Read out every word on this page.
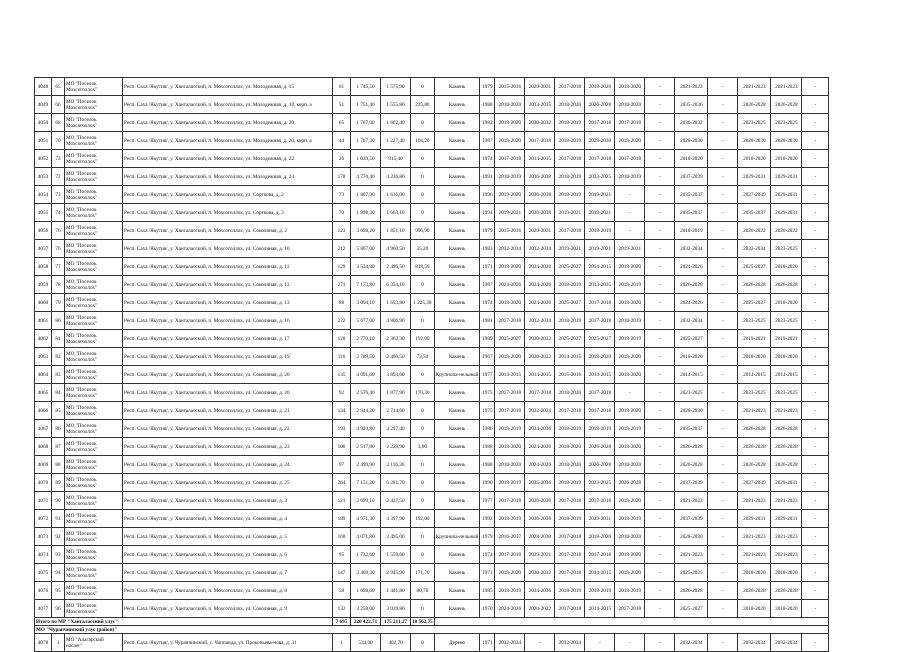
4048	65	МО "Поселок Мохсоголлох"	Респ. Саха /Якутия/, у. Хангаласский, п. Мохсоголлох, ул. Молодежная, д. 15	61	1 745,50	1 575,90	0	Камень	1979	2015-2016	2029-2031	2017-2018	2018-2020	2018-2020	-	2021-2023	-	2021-2023	2021-2023	-
4049	66	МО "Поселок Мохсоголлох"	Респ. Саха /Якутия/, у. Хангаласский, п. Мохсоголлох, ул. Молодежная, д. 18, корп. а	51	1 751,40	1 555,80	225,80	Камень	1988	2018-2020	2033-2035	2018-2020	2026-2028	2018-2020	-	2035-2036	-	2026-2028	2026-2028	-
4050	68	МО "Поселок Мохсоголлох"	Респ. Саха /Якутия/, у. Хангаласский, п. Мохсоголлох, ул. Молодежная, д. 20	65	1 767,00	1 602,40	0	Камень	1982	2018-2020	2030-2032	2018-2019	2017-2018	2017-2018	-	2030-2032	-	2023-2025	2023-2025	-
4051	70	МО "Поселок Мохсоголлох"	Респ. Саха /Якутия/, у. Хангаласский, п. Мохсоголлох, ул. Молодежная, д. 20, корп. а	44	1 767,30	1 227,40	104,20	Камень	1987	2018-2020	2017-2018	2018-2019	2028-2030	2018-2020	-	2028-2030	-	2028-2030	2028-2030	-
4052	73	МО "Поселок Мохсоголлох"	Респ. Саха /Якутия/, у. Хангаласский, п. Мохсоголлох, ул. Молодежная, д. 22	26	1 039,50	915,40	0	Камень	1974	2017-2018	2014-2015	2017-2018	2017-2018	2017-2018	-	2018-2020	-	2018-2020	2018-2020	-
4053	72	МО "Поселок Мохсоголлох"	Респ. Саха /Якутия/, у. Хангаласский, п. Мохсоголлох, ул. Молодежная, д. 24	178	4 770,40	4 236,80	0	Камень	1991	2018-2019	2036-2038	2018-2019	2023-2025	2018-2019	-	2037-2039	-	2029-2031	2029-2031	-
4054	73	МО "Поселок Мохсоголлох"	Респ. Саха /Якутия/, у. Хангаласский, п. Мохсоголлох, ул. Сорткова, д. 2	73	1 807,90	1 616,00	0	Камень	1996	2019-2020	2036-2038	2018-2019	2019-2021	-	-	2035-2037	-	2037-2039	2029-2031	-
4055	74	МО "Поселок Мохсоголлох"	Респ. Саха /Якутия/, у. Хангаласский, п. Мохсоголлох, ул. Сорткова, д. 3	70	1 898,30	1 663,10	0	Камень	1994	2019-2021	2036-2038	2019-2021	2019-2021	-	-	2035-2037	-	2035-2037	2029-2031	-
4056	76	МО "Поселок Мохсоголлох"	Респ. Саха /Якутия/, у. Хангаласский, п. Мохсоголлох, ул. Соколиная, д. 2	123	3 698,20	1 851,10	996,90	Камень	1979	2015-2016	2029-2031	2017-2018	2018-2019	-	-	2018-2019	-	2020-2022	2020-2022	-
4057	76	МО "Поселок Мохсоголлох"	Респ. Саха /Якутия/, у. Хангаласский, п. Мохсоголлох, ул. Соколиная, д. 10	212	5 867,00	4 960,50	35,20	Камень	1983	2032-2034	2032-2034	2019-2021	2019-2021	2019-2021	-	2032-2034	-	2032-2034	2023-2025	-
4058	77	МО "Поселок Мохсоголлох"	Респ. Саха /Якутия/, у. Хангаласский, п. Мохсоголлох, ул. Соколиная, д. 11	129	3 534,80	2 486,50	818,50	Камень	1971	2018-2020	2024-2026	2025-2027	2014-2015	2018-2020	-	2024-2026	-	2025-2027	2018-2020	-
4059	78	МО "Поселок Мохсоголлох"	Респ. Саха /Якутия/, у. Хангаласский, п. Мохсоголлох, ул. Соколиная, д. 12	271	7 173,80	6 334,10	0	Камень	1987	2024-2026	2024-2026	2018-2019	2033-2035	2018-2019	-	2026-2028	-	2026-2028	2026-2028	-
4060	79	МО "Поселок Мохсоголлох"	Респ. Саха /Якутия/, у. Хангаласский, п. Мохсоголлох, ул. Соколиная, д. 13	88	3 094,10	1 653,80	1 225,30	Камень	1974	2018-2020	2024-2026	2025-2027	2017-2018	2018-2020	-	2024-2026	-	2025-2027	2018-2020	-
4061	80	МО "Поселок Мохсоголлох"	Респ. Саха /Якутия/, у. Хангаласский, п. Мохсоголлох, ул. Соколиная, д. 16	222	5 677,00	4 806,90	0	Камень	1981	2017-2018	2032-2034	2018-2019	2017-2018	2018-2019	-	2032-2034	-	2023-2025	2023-2025	-
4062	81	МО "Поселок Мохсоголлох"	Респ. Саха /Якутия/, у. Хангаласский, п. Мохсоголлох, ул. Соколиная, д. 17	120	2 770,10	2 363,30	192,00	Камень	1989	2025-2027	2020-2022	2025-2027	2025-2027	2018-2019	-	2025-2027	-	2019-2021	2019-2021	-
4063	82	МО "Поселок Мохсоголлох"	Респ. Саха /Якутия/, у. Хангаласский, п. Мохсоголлох, ул. Соколиная, д. 19	116	2 789,50	2 460,50	73,50	Камень	1967	2018-2020	2020-2022	2014-2015	2018-2020	2018-2020	-	2018-2020	-	2018-2020	2018-2020	-
4064	83	МО "Поселок Мохсоголлох"	Респ. Саха /Якутия/, у. Хангаласский, п. Мохсоголлох, ул. Соколиная, д. 20	135	4 091,60	3 893,60	0	Крупнопа-нельный	1977	2014-2015	2014-2015	2015-2016	2014-2015	2018-2020	-	2014-2015	-	2014-2015	2014-2015	-
4065	84	МО "Поселок Мохсоголлох"	Респ. Саха /Якутия/, у. Хангаласский, п. Мохсоголлох, ул. Соколиная, д. 20	92	2 576,40	1 877,90	170,30	Камень	1975	2017-2018	2017-2018	2018-2020	2017-2018	-	-	2023-2025	-	2023-2025	2023-2025	-
4066	85	МО "Поселок Мохсоголлох"	Респ. Саха /Якутия/, у. Хангаласский, п. Мохсоголлох, ул. Соколиная, д. 21	134	2 944,20	2 714,60	0	Камень	1975	2017-2018	2022-2024	2017-2018	2017-2018	2018-2020	-	2028-2030	-	2021-2023	2021-2023	-
4067	86	МО "Поселок Мохсоголлох"	Респ. Саха /Якутия/, у. Хангаласский, п. Мохсоголлох, ул. Соколиная, д. 22	193	4 920,80	4 297,40	0	Камень	1986	2018-2019	2034-2036	2018-2019	2018-2019	2018-2019	-	2035-2037	-	2026-2028	2026-2028	-
4068	87	МО "Поселок Мохсоголлох"	Респ. Саха /Якутия/, у. Хангаласский, п. Мохсоголлох, ул. Соколиная, д. 23	106	2 517,80	2 229,90	3,00	Камень	1988	2018-2020	2024-2026	2018-2020	2026-2028	2018-2020	-	2026-2028	-	2026-2028	2026-2028	-
4069	88	МО "Поселок Мохсоголлох"	Респ. Саха /Якутия/, у. Хангаласский, п. Мохсоголлох, ул. Соколиная, д. 24	97	2 499,90	2 116,30	0	Камень	1988	2018-2020	2024-2026	2018-2020	2026-2028	2018-2020	-	2026-2028	-	2026-2028	2026-2028	-
4070	89	МО "Поселок Мохсоголлох"	Респ. Саха /Якутия/, у. Хангаласский, п. Мохсоголлох, ул. Соколиная, д. 25	264	7 151,20	6 281,70	0	Камень	1990	2018-2019	2035-2036	2018-2019	2023-2025	2026-2028	-	2037-2039	-	2037-2039	2029-2031	-
4071	90	МО "Поселок Мохсоголлох"	Респ. Саха /Якутия/, у. Хангаласский, п. Мохсоголлох, ул. Соколиная, д. 3	121	2 699,10	2 437,50	0	Камень	1977	2017-2018	2026-2030	2017-2018	2017-2018	2018-2020	-	2021-2023	-	2021-2023	2021-2023	-
4072	91	МО "Поселок Мохсоголлох"	Респ. Саха /Якутия/, у. Хангаласский, п. Мохсоголлох, ул. Соколиная, д. 4	189	4 971,30	4 397,90	192,00	Камень	1992	2018-2019	2036-2038	2018-2019	2029-2031	2018-2019	-	2037-2039	-	2029-2031	2029-2031	-
4073	92	МО "Поселок Мохсоголлох"	Респ. Саха /Якутия/, у. Хангаласский, п. Мохсоголлох, ул. Соколиная, д. 5	160	4 071,80	3 495,00	0	Крупнопа-нельный	1979	2016-2017	2028-2030	2017-2018	2018-2020	2018-2020	-	2028-2030	-	2021-2023	2021-2023	-
4074	93	МО "Поселок Мохсоголлох"	Респ. Саха /Якутия/, у. Хангаласский, п. Мохсоголлох, ул. Соколиная, д. 6	95	1 732,60	1 559,60	0	Камень	1972	2017-2018	2029-2031	2017-2018	2017-2018	2018-2020	-	2021-2023	-	2021-2023	2021-2023	-
4075	94	МО "Поселок Мохсоголлох"	Респ. Саха /Якутия/, у. Хангаласский, п. Мохсоголлох, ул. Соколиная, д. 7	147	3 469,30	2 945,90	171,70	Камень	1973	2018-2020	2030-2032	2017-2018	2014-2015	2018-2020	-	2025-2025	-	2018-2020	2018-2020	-
4076	95	МО "Поселок Мохсоголлох"	Респ. Саха /Якутия/, у. Хангаласский, п. Мохсоголлох, ул. Соколиная, д. 8	58	1 698,60	1 441,80	80,70	Камень	1985	2018-2019	2034-2036	2018-2019	2018-2019	2018-2019	-	2026-2028	-	2026-2028	2026-2028	-
4077	96	МО "Поселок Мохсоголлох"	Респ. Саха /Якутия/, у. Хангаласский, п. Мохсоголлох, ул. Соколиная, д. 9	132	3 258,00	3 039,80	0	Камень	1970	2024-2026	2020-2022	2017-2018	2014-2015	2017-2018	-	2025-2027	-	2018-2020	2018-2020	-
Итого по МР "Хангаласский улус"				7 695	220 422,71	175 211,27	18 562,75													
МО "Чурапчинский улус (район)"																				
4078	1	МО "Алагарский наслег"	Респ. Саха /Якутия/, у. Чурапчинский, с. Чаппанда, ул. Прокопьева-нова, д. 31	1	534,00	402,70	0	Дерево	1971	2032-2034	-	2032-2034	-	-	-	2032-2034	-	2032-2034	2032-2034	-
